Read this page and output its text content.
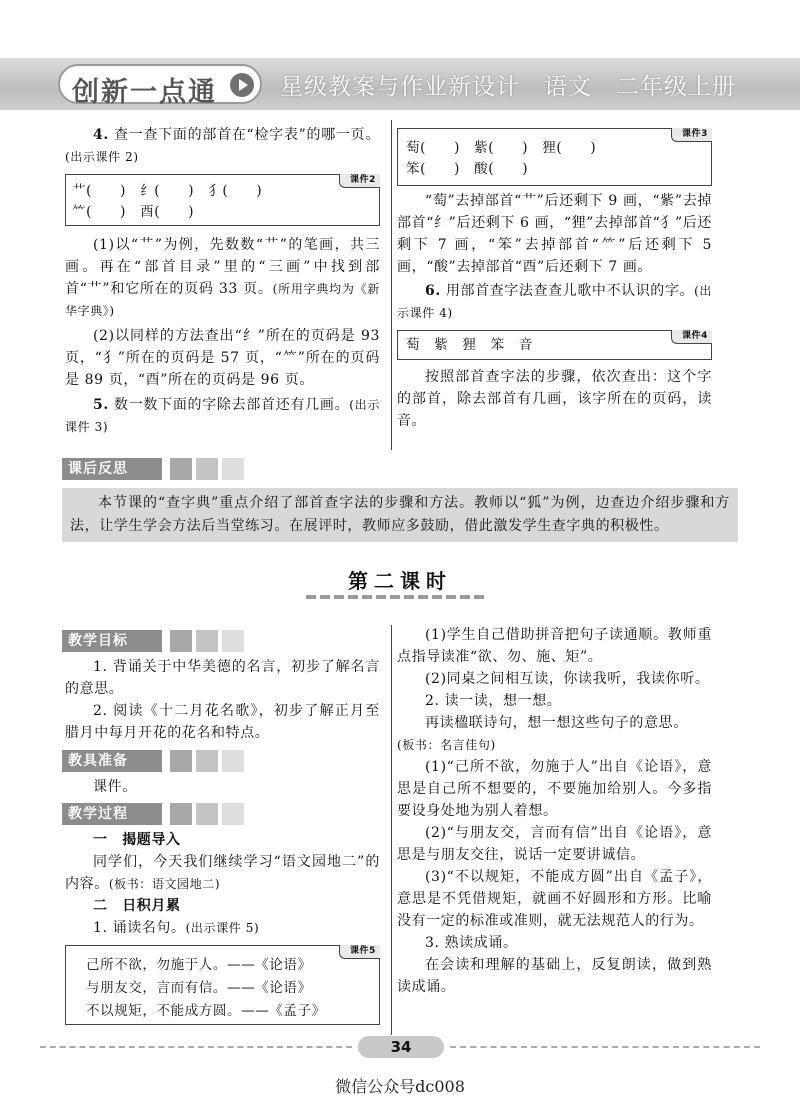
创新一点通	星级教案与作业新设计　语文　二年级上册
4. 查一查下面的部首在“检字表”的哪一页。(出示课件 2)
课件2
艹(　　)　纟(　　)　犭(　　)
⺮(　　)　酉(　　)
(1)以“艹”为例，先数数“艹”的笔画，共三画。再在“部首目录”里的“三画”中找到部首“艹”和它所在的页码 33 页。(所用字典均为《新华字典》)
(2)以同样的方法查出“纟”所在的页码是 93 页，“犭”所在的页码是 57 页，“⺮”所在的页码是 89 页，“酉”所在的页码是 96 页。
5. 数一数下面的字除去部首还有几画。(出示课件 3)
课件3
萄(　　)　紫(　　)　狸(　　)
笨(　　)　酸(　　)
“萄”去掉部首“艹”后还剩下 9 画，“紫”去掉部首“纟”后还剩下 6 画，“狸”去掉部首“犭”后还剩下 7 画，“笨”去掉部首“⺮”后还剩下 5 画，“酸”去掉部首“酉”后还剩下 7 画。
6. 用部首查字法查查儿歌中不认识的字。(出示课件 4)
课件4
萄　紫　狸　笨　音
按照部首查字法的步骤，依次查出：这个字的部首，除去部首有几画，该字所在的页码，读音。
课后反思
本节课的“查字典”重点介绍了部首查字法的步骤和方法。教师以“狐”为例，边查边介绍步骤和方法，让学生学会方法后当堂练习。在展评时，教师应多鼓励，借此激发学生查字典的积极性。
第二课时
教学目标
1. 背诵关于中华美德的名言，初步了解名言的意思。
2. 阅读《十二月花名歌》，初步了解正月至腊月中每月开花的花名和特点。
教具准备
课件。
教学过程
一　揭题导入
同学们，今天我们继续学习“语文园地二”的内容。(板书：语文园地二)
二　日积月累
1. 诵读名句。(出示课件 5)
课件5
己所不欲，勿施于人。——《论语》
与朋友交，言而有信。——《论语》
不以规矩，不能成方圆。——《孟子》
(1)学生自己借助拼音把句子读通顺。教师重点指导读准“欲、勿、施、矩”。
(2)同桌之间相互读，你读我听，我读你听。
2. 读一读，想一想。
再读楹联诗句，想一想这些句子的意思。
(板书：名言佳句)
(1)“己所不欲，勿施于人”出自《论语》，意思是自己所不想要的，不要施加给别人。今多指要设身处地为别人着想。
(2)“与朋友交，言而有信”出自《论语》，意思是与朋友交往，说话一定要讲诚信。
(3)“不以规矩，不能成方圆”出自《孟子》，意思是不凭借规矩，就画不好圆形和方形。比喻没有一定的标准或准则，就无法规范人的行为。
3. 熟读成诵。
在会读和理解的基础上，反复朗读，做到熟读成诵。
34
微信公众号dc008
